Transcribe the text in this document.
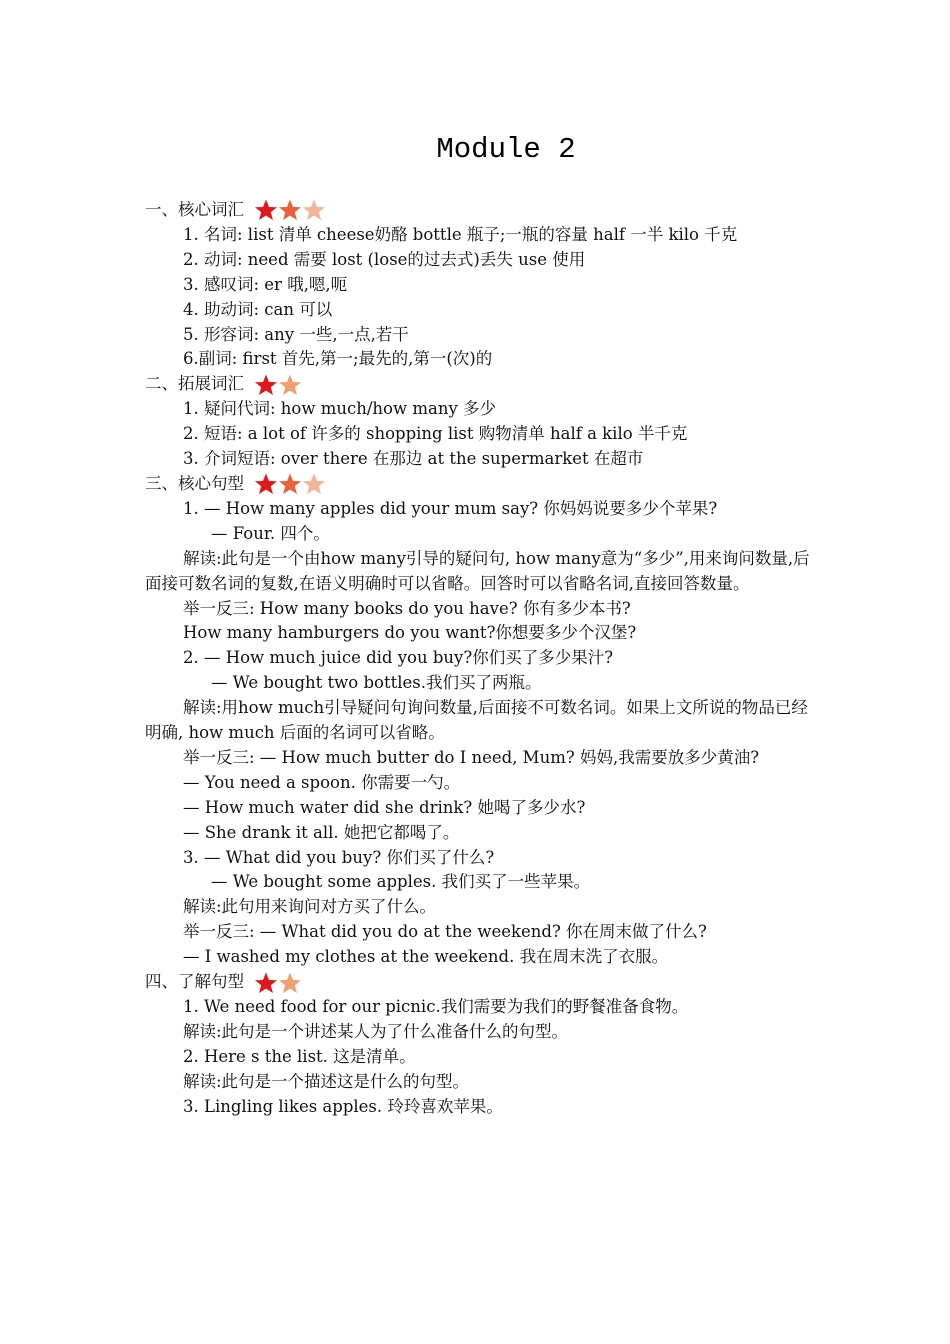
Module 2
一、核心词汇
1. 名词: list 清单 cheese奶酪 bottle 瓶子;一瓶的容量 half 一半 kilo 千克
2. 动词: need 需要 lost (lose的过去式)丢失 use 使用
3. 感叹词: er 哦,嗯,呃
4. 助动词: can 可以
5. 形容词: any 一些,一点,若干
6.副词: first 首先,第一;最先的,第一(次)的
二、拓展词汇
1. 疑问代词: how much/how many 多少
2. 短语: a lot of 许多的 shopping list 购物清单 half a kilo 半千克
3. 介词短语: over there 在那边 at the supermarket 在超市
三、核心句型
1. — How many apples did your mum say? 你妈妈说要多少个苹果?
— Four. 四个。
解读:此句是一个由how many引导的疑问句, how many意为“多少”,用来询问数量,后面接可数名词的复数,在语义明确时可以省略。回答时可以省略名词,直接回答数量。
举一反三: How many books do you have? 你有多少本书?
How many hamburgers do you want?你想要多少个汉堡?
2. — How much juice did you buy?你们买了多少果汁?
— We bought two bottles.我们买了两瓶。
解读:用how much引导疑问句询问数量,后面接不可数名词。如果上文所说的物品已经明确, how much 后面的名词可以省略。
举一反三: — How much butter do I need, Mum? 妈妈,我需要放多少黄油?
— You need a spoon. 你需要一勺。
— How much water did she drink? 她喝了多少水?
— She drank it all. 她把它都喝了。
3. — What did you buy? 你们买了什么?
— We bought some apples. 我们买了一些苹果。
解读:此句用来询问对方买了什么。
举一反三: — What did you do at the weekend? 你在周末做了什么?
— I washed my clothes at the weekend. 我在周末洗了衣服。
四、了解句型
1. We need food for our picnic.我们需要为我们的野餐准备食物。
解读:此句是一个讲述某人为了什么准备什么的句型。
2. Here s the list. 这是清单。
解读:此句是一个描述这是什么的句型。
3. Lingling likes apples. 玲玲喜欢苹果。
